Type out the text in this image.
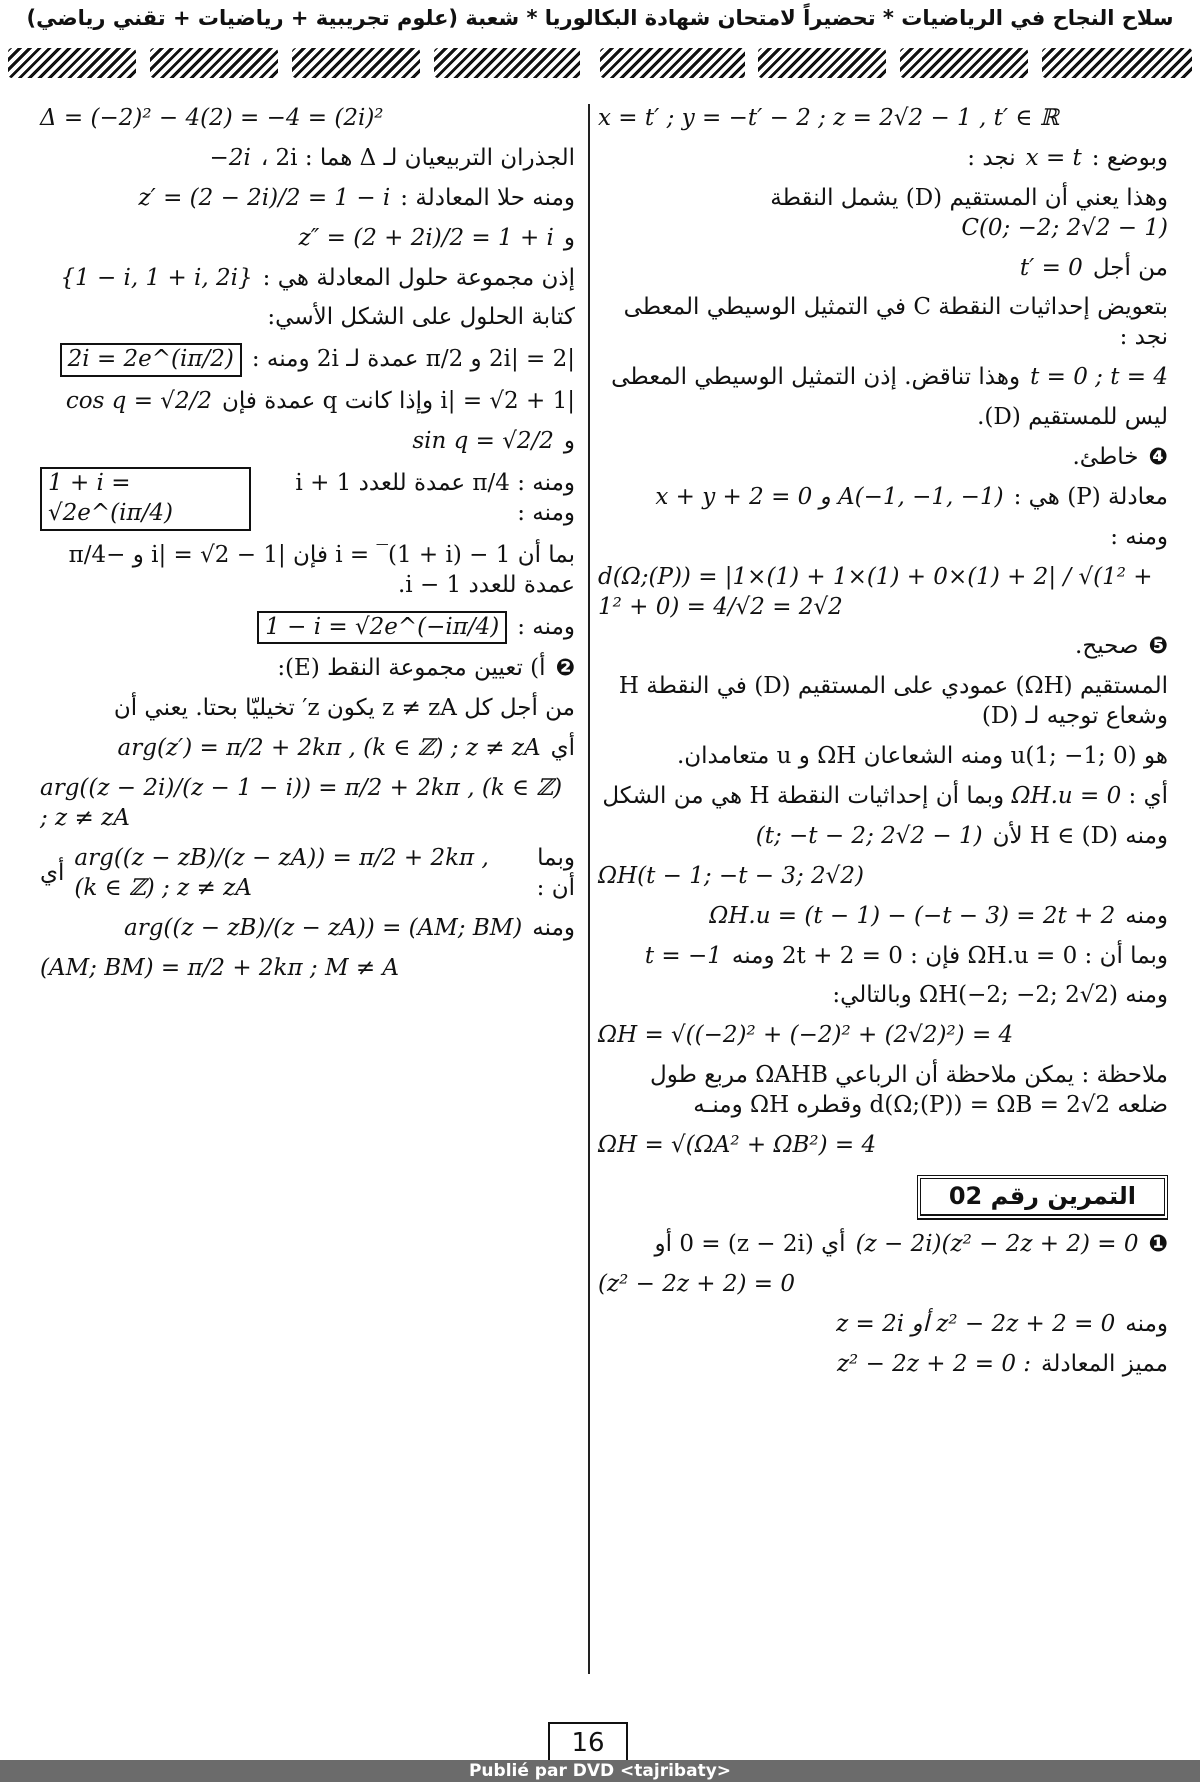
سلاح النجاح في الرياضيات * تحضيراً لامتحان شهادة البكالوريا * شعبة (علوم تجريبية + رياضيات + تقني رياضي)
x = t′ ; y = −t′ − 2 ; z = 2√2 − 1 , t′ ∈ ℝ
وبوضع :
x = t
نجد :
وهذا يعني أن المستقيم (D) يشمل النقطة C(0; −2; 2√2 − 1)
من أجل
t′ = 0
بتعويض إحداثيات النقطة C في التمثيل الوسيطي المعطى نجد :
t = 0 ; t = 4
وهذا تناقض. إذن التمثيل الوسيطي المعطى
ليس للمستقيم (D).
❹
خاطئ.
معادلة (P) هي :
x + y + 2 = 0 و A(−1, −1, −1)
ومنه :
d(Ω;(P)) = |1×(1) + 1×(1) + 0×(1) + 2| / √(1² + 1² + 0) = 4/√2 = 2√2
❺
صحيح.
المستقيم (ΩH) عمودي على المستقيم (D) في النقطة H وشعاع توجيه لـ (D)
هو u(1; −1; 0) ومنه الشعاعان ΩH و u متعامدان.
أي : ΩH.u = 0 وبما أن إحداثيات النقطة H هي من الشكل
ومنه H ∈ (D) لأن
(t; −t − 2; 2√2 − 1)
ΩH(t − 1; −t − 3; 2√2)
ومنه
ΩH.u = (t − 1) − (−t − 3) = 2t + 2
وبما أن : ΩH.u = 0 فإن : 2t + 2 = 0 ومنه
t = −1
ومنه ΩH(−2; −2; 2√2) وبالتالي:
ΩH = √((−2)² + (−2)² + (2√2)²) = 4
ملاحظة : يمكن ملاحظة أن الرباعي ΩAHB مربع طول ضلعه d(Ω;(P)) = ΩB = 2√2 وقطره ΩH ومنـه
ΩH = √(ΩA² + ΩB²) = 4
التمرين رقم 02
❶
(z − 2i)(z² − 2z + 2) = 0
أي (z − 2i) = 0 أو
(z² − 2z + 2) = 0
ومنه
z = 2i أو z² − 2z + 2 = 0
مميز المعادلة
z² − 2z + 2 = 0 :
Δ = (−2)² − 4(2) = −4 = (2i)²
الجذران التربيعيان لـ Δ هما : 2i ،
−2i
ومنه حلا المعادلة :
z′ = (2 − 2i)/2 = 1 − i
و
z″ = (2 + 2i)/2 = 1 + i
إذن مجموعة حلول المعادلة هي :
{1 − i, 1 + i, 2i}
كتابة الحلول على الشكل الأسي:
|2i| = 2 و π/2 عمدة لـ 2i ومنه :
2i = 2e^(iπ/2)
|1 + i| = √2 وإذا كانت q عمدة فإن
cos q = √2/2
و
sin q = √2/2
ومنه : π/4 عمدة للعدد 1 + i ومنه :
1 + i = √2e^(iπ/4)
بما أن 1 − i = ‾(1 + i) فإن |1 − i| = √2 و −π/4 عمدة للعدد 1 − i.
ومنه :
1 − i = √2e^(−iπ/4)
❷
أ) تعيين مجموعة النقط (E):
من أجل كل z ≠ zA يكون z′ تخيليّا بحتا. يعني أن
أي
arg(z′) = π/2 + 2kπ , (k ∈ ℤ) ; z ≠ zA
arg((z − 2i)/(z − 1 − i)) = π/2 + 2kπ , (k ∈ ℤ) ; z ≠ zA
وبما أن :
arg((z − zB)/(z − zA)) = π/2 + 2kπ , (k ∈ ℤ) ; z ≠ zA
أي
ومنه
arg((z − zB)/(z − zA)) = (AM; BM)
(AM; BM) = π/2 + 2kπ ; M ≠ A
16
Publié par DVD <tajribaty>
